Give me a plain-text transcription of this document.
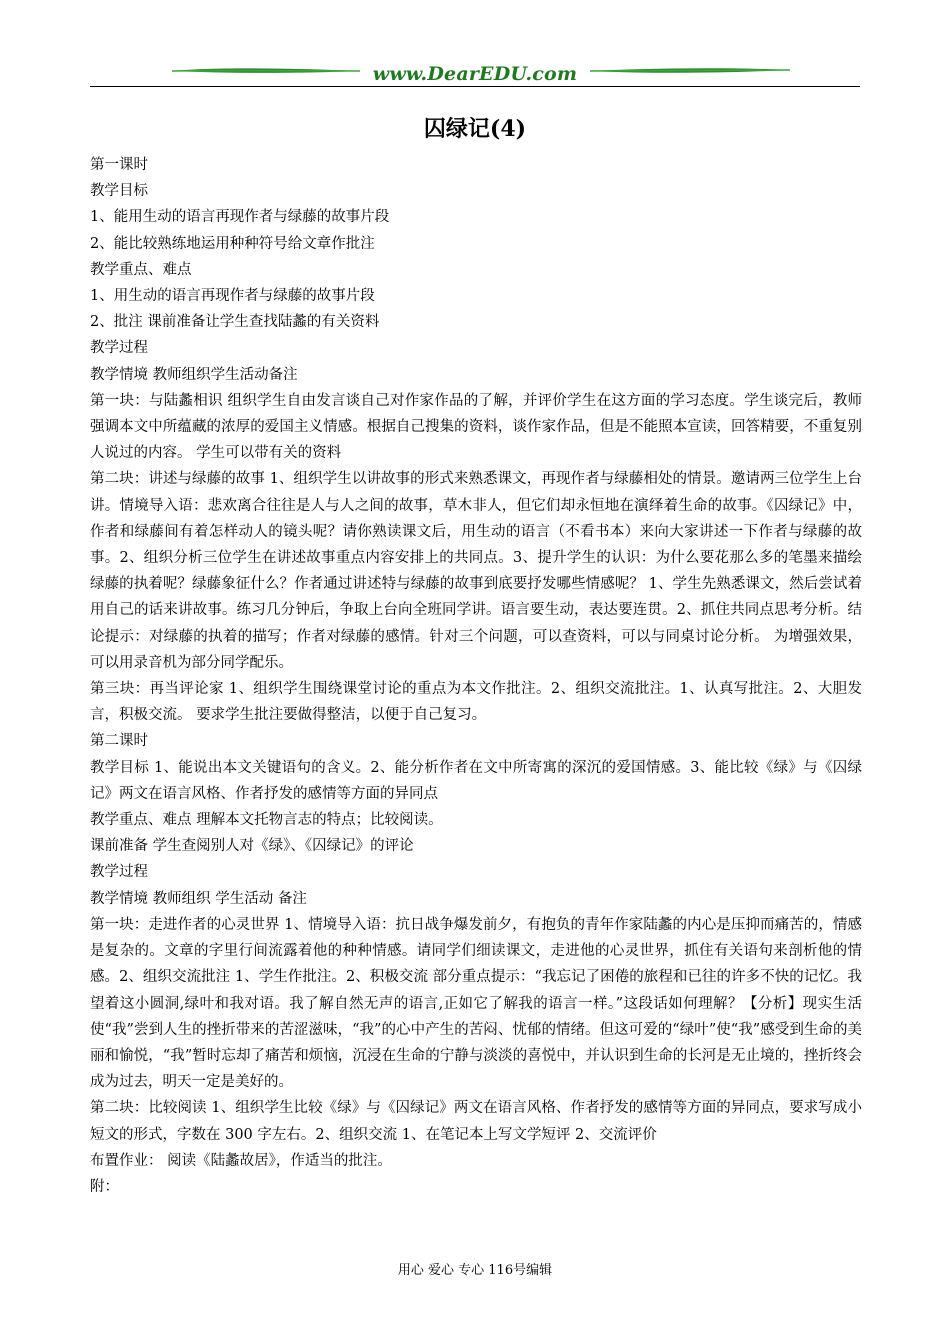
www.DearEDU.com
囚绿记(4)

第一课时

教学目标

1、能用生动的语言再现作者与绿藤的故事片段

2、能比较熟练地运用种种符号给文章作批注

教学重点、难点

1、用生动的语言再现作者与绿藤的故事片段

2、批注 课前准备让学生查找陆蠡的有关资料

教学过程

教学情境 教师组织学生活动备注

第一块：与陆蠡相识 组织学生自由发言谈自己对作家作品的了解，并评价学生在这方面的学习态度。学生谈完后，教师强调本文中所蕴藏的浓厚的爱国主义情感。根据自己搜集的资料，谈作家作品，但是不能照本宣读，回答精要，不重复别人说过的内容。 学生可以带有关的资料

第二块：讲述与绿藤的故事 1、组织学生以讲故事的形式来熟悉课文，再现作者与绿藤相处的情景。邀请两三位学生上台讲。情境导入语：悲欢离合往往是人与人之间的故事，草木非人，但它们却永恒地在演绎着生命的故事。《囚绿记》中，作者和绿藤间有着怎样动人的镜头呢？请你熟读课文后，用生动的语言（不看书本）来向大家讲述一下作者与绿藤的故事。2、组织分析三位学生在讲述故事重点内容安排上的共同点。3、提升学生的认识：为什么要花那么多的笔墨来描绘绿藤的执着呢？绿藤象征什么？作者通过讲述特与绿藤的故事到底要抒发哪些情感呢？ 1、学生先熟悉课文，然后尝试着用自己的话来讲故事。练习几分钟后，争取上台向全班同学讲。语言要生动，表达要连贯。2、抓住共同点思考分析。结论提示：对绿藤的执着的描写；作者对绿藤的感情。针对三个问题，可以查资料，可以与同桌讨论分析。 为增强效果，可以用录音机为部分同学配乐。

第三块：再当评论家 1、组织学生围绕课堂讨论的重点为本文作批注。2、组织交流批注。1、认真写批注。2、大胆发言，积极交流。 要求学生批注要做得整洁，以便于自己复习。

第二课时

教学目标 1、能说出本文关键语句的含义。2、能分析作者在文中所寄寓的深沉的爱国情感。3、能比较《绿》与《囚绿记》两文在语言风格、作者抒发的感情等方面的异同点

教学重点、难点 理解本文托物言志的特点；比较阅读。

课前准备 学生查阅别人对《绿》、《囚绿记》的评论

教学过程

教学情境 教师组织 学生活动 备注

第一块：走进作者的心灵世界 1、情境导入语：抗日战争爆发前夕，有抱负的青年作家陆蠡的内心是压抑而痛苦的，情感是复杂的。文章的字里行间流露着他的种种情感。请同学们细读课文，走进他的心灵世界，抓住有关语句来剖析他的情感。2、组织交流批注 1、学生作批注。2、积极交流 部分重点提示：“我忘记了困倦的旅程和已往的许多不快的记忆。我望着这小圆洞,绿叶和我对语。我了解自然无声的语言,正如它了解我的语言一样。”这段话如何理解？【分析】现实生活使“我”尝到人生的挫折带来的苦涩滋味，“我”的心中产生的苦闷、忧郁的情绪。但这可爱的“绿叶”使“我”感受到生命的美丽和愉悦，“我”暂时忘却了痛苦和烦恼，沉浸在生命的宁静与淡淡的喜悦中，并认识到生命的长河是无止境的，挫折终会成为过去，明天一定是美好的。

第二块：比较阅读 1、组织学生比较《绿》与《囚绿记》两文在语言风格、作者抒发的感情等方面的异同点，要求写成小短文的形式，字数在 300 字左右。2、组织交流 1、在笔记本上写文学短评 2、交流评价

布置作业： 阅读《陆蠡故居》，作适当的批注。

附：

用心 爱心 专心 116号编辑
